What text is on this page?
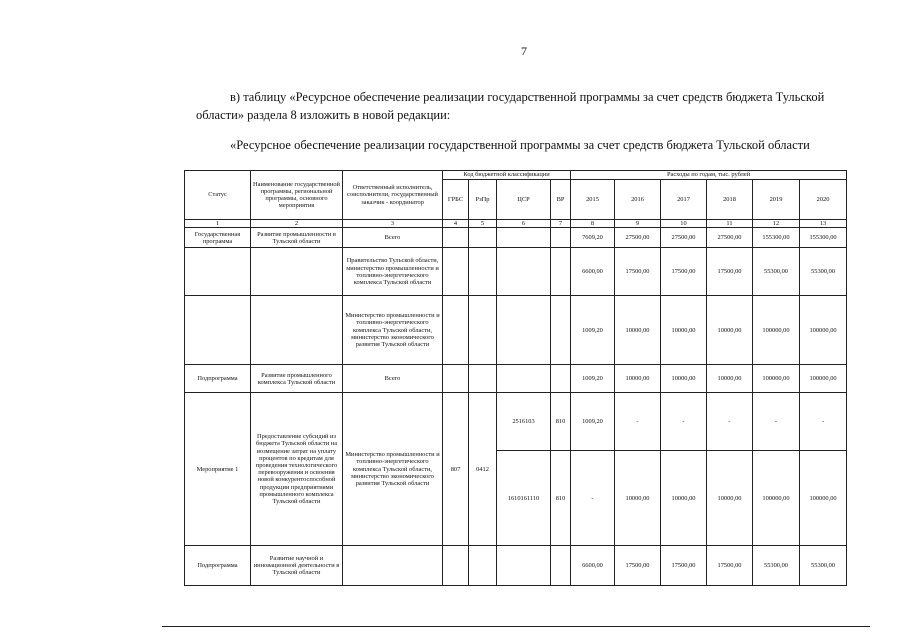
7
в) таблицу «Ресурсное обеспечение реализации государственной программы за счет средств бюджета Тульской области» раздела 8 изложить в новой редакции:
«Ресурсное обеспечение реализации государственной программы за счет средств бюджета Тульской области
Статус	Наименование государственной программы, региональной программы, основного мероприятия	Ответственный исполнитель, соисполнители, государственный заказчик - координатор	Код бюджетной классификации				Расходы по годам, тыс. рублей					
			ГРБС	РзПр	ЦСР	ВР	2015	2016	2017	2018	2019	2020
1	2	3	4	5	6	7	8	9	10	11	12	13
Государственная программа	Развитие промышленности в Тульской области	Всего					7609,20	27500,00	27500,00	27500,00	155300,00	155300,00
		Правительство Тульской области, министерство промышленности и топливно-энергетического комплекса Тульской области					6600,00	17500,00	17500,00	17500,00	55300,00	55300,00
		Министерство промышленности и топливно-энергетического комплекса Тульской области, министерство экономического развития Тульской области					1009,20	10000,00	10000,00	10000,00	100000,00	100000,00
Подпрограмма	Развитие промышленного комплекса Тульской области	Всего					1009,20	10000,00	10000,00	10000,00	100000,00	100000,00
Мероприятие 1	Предоставление субсидий из бюджета Тульской области на возмещение затрат на уплату процентов по кредитам для проведения технологического перевооружения и освоения новой конкурентоспособной продукции предприятиями промышленного комплекса Тульской области	Министерство промышленности и топливно-энергетического комплекса Тульской области, министерство экономического развития Тульской области	807	0412	2516103	810	1009,20	-	-	-	-	-
					1610161110	810	-	10000,00	10000,00	10000,00	100000,00	100000,00
Подпрограмма	Развитие научной и инновационной деятельности в Тульской области						6600,00	17500,00	17500,00	17500,00	55300,00	55300,00
